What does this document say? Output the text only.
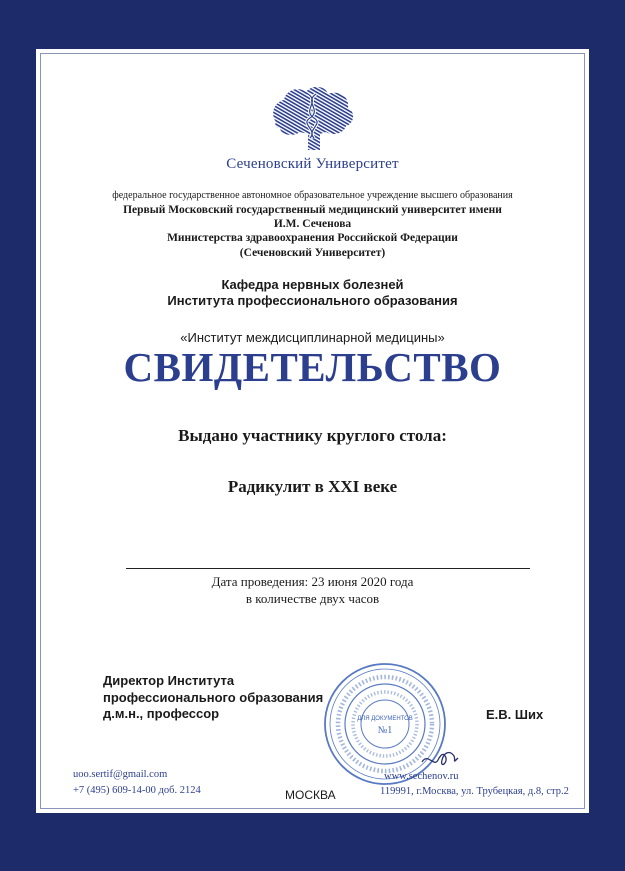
Сеченовский Университет
федеральное государственное автономное образовательное учреждение высшего образования
Первый Московский государственный медицинский университет имени
И.М. Сеченова
Министерства здравоохранения Российской Федерации
(Сеченовский Университет)
Кафедра нервных болезней
Института профессионального образования
«Институт междисциплинарной медицины»
СВИДЕТЕЛЬСТВО
Выдано участнику круглого стола:
Радикулит в XXI веке
Дата проведения: 23 июня 2020 года
в количестве двух часов
Директор Института
профессионального образования
д.м.н., профессор	ДЛЯ ДОКУМЕНТОВ
№1
Е.В. Ших
uoo.sertif@gmail.com
+7 (495) 609-14-00 доб. 2124	МОСКВА
www.sechenov.ru
119991, г.Москва, ул. Трубецкая, д.8, стр.2
